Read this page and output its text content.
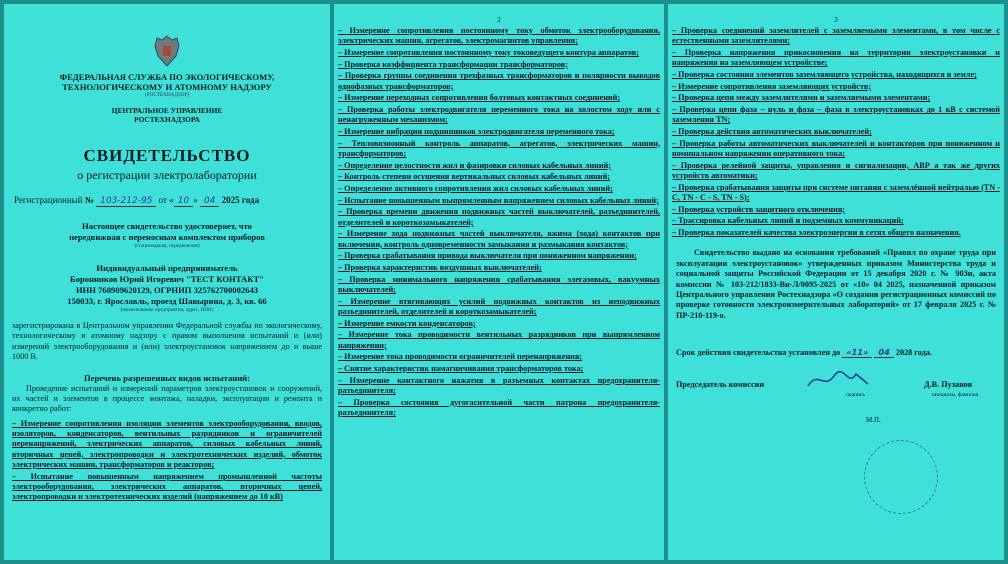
ФЕДЕРАЛЬНАЯ СЛУЖБА ПО ЭКОЛОГИЧЕСКОМУ,
ТЕХНОЛОГИЧЕСКОМУ И АТОМНОМУ НАДЗОРУ
(РОСТЕХНАДЗОР)
ЦЕНТРАЛЬНОЕ УПРАВЛЕНИЕ
РОСТЕХНАДЗОРА
СВИДЕТЕЛЬСТВО
о регистрации электролаборатории
Регистрационный № 103-212-95 от « 10 » 04 2025 года
Настоящее свидетельство удостоверяет, что
передвижная с переносным комплектом приборов
(стационарная, передвижная)
Индивидуальный предприниматель
Боронников Юрий Игоревич "ТЕСТ КОНТАКТ"
ИНН 760909620129, ОГРНИП 325762700002643
150033, г. Ярославль, проезд Шавырина, д. 3, кв. 66
(наименование предприятия, адрес, ИНН)
зарегистрирована в Центральном управлении Федеральной службы по экологическому, технологическому и атомному надзору с правом выполнения испытаний и (или) измерений электрооборудования и (или) электроустановок напряжением до и выше 1000 В.
Перечень разрешенных видов испытаний:
Проведение испытаний и измерений параметров электроустановок и сооружений, их частей и элементов в процессе монтажа, наладки, эксплуатации и ремонта и конкретно работ:
– Измерение сопротивления изоляции элементов электрооборудования, вводов, изоляторов, конденсаторов, вентильных разрядников и ограничителей перенапряжений, электрических аппаратов, силовых кабельных линий, вторичных цепей, электропроводки и электротехнических изделий, обмоток электрических машин, трансформаторов и реакторов;
– Испытание повышенным напряжением промышленной частоты электрооборудования, электрических аппаратов, вторичных цепей, электропроводки и электротехнических изделий (напряжением до 10 кВ)
2
– Измерение сопротивления постоянному току обмоток электрооборудования, электрических машин, агрегатов, электромагнитов управления;
– Измерение сопротивления постоянному току токоведущего контура аппаратов;
– Проверка коэффициента трансформации трансформаторов;
– Проверка группы соединения трехфазных трансформаторов и полярности выводов однофазных трансформаторов;
– Измерение переходных сопротивления болтовых контактных соединений;
– Проверка работы электродвигателя переменного тока на холостом ходу или с ненагруженным механизмом;
– Измерение вибрации подшипников электродвигателя переменного тока;
– Тепловизионный контроль аппаратов, агрегатов, электрических машин, трансформаторов;
– Определение целостности жил и фазировки силовых кабельных линий;
– Контроль степени осушения вертикальных силовых кабельных линий;
– Определение активного сопротивления жил силовых кабельных линий;
– Испытание повышенным выпрямленным напряжением силовых кабельных линий;
– Проверка времени движения подвижных частей выключателей, разъединителей, отделителей и короткозамыкателей;
– Измерение хода подвижных частей выключателя, вжима (хода) контактов при включении, контроль одновременности замыкания и размыкания контактов;
– Проверка срабатывания привода выключателя при пониженном напряжении;
– Проверка характеристик воздушных выключателей;
– Проверка минимального напряжения срабатывания элегазовых, вакуумных выключателей;
– Измерение втягивающих усилий подвижных контактов из неподвижных разъединителей, отделителей и короткозамыкателей;
– Измерение емкости конденсаторов;
– Измерение тока проводимости вентильных разрядников при выпрямленном напряжении;
– Измерение тока проводимости ограничителей перенапряжения;
– Снятие характеристик намагничивания трансформаторов тока;
– Измерение контактного нажатия в разъемных контактах предохранителя-разъединителя;
– Проверка состояния дугогасительной части патрона предохранителя-разъединителя;
3
– Проверка соединений заземлителей с заземляемыми элементами, в том числе с естественными заземлителями;
– Проверка напряжения прикосновения на территории электроустановки и напряжения на заземляющем устройстве;
– Проверка состояния элементов заземляющего устройства, находящихся в земле;
– Измерение сопротивления заземляющих устройств;
– Проверка цепи между заземлителями и заземляемыми элементами;
– Проверка цепи фаза – нуль и фаза – фаза в электроустановках до 1 кВ с системой заземления TN;
– Проверка действия автоматических выключателей;
– Проверка работы автоматических выключателей и контакторов при пониженном и номинальном напряжении оперативного тока;
– Проверка релейной защиты, управления и сигнализации, АВР а так же других устройств автоматики;
– Проверка срабатывания защиты при системе питания с заземлённой нейтралью (TN - C, TN - C - S, TN - S);
– Проверка устройств защитного отключения;
– Трассировка кабельных линий и подземных коммуникаций;
– Проверка показателей качества электроэнергии в сетях общего назначения.
Свидетельство выдано на основании требований «Правил по охране труда при эксплуатации электроустановок» утвержденных приказом Министерства труда и социальной защиты Российской Федерации от 15 декабря 2020 г. № 903н, акта комиссии № 103-212/1833-Вн-Л/0095-2025 от «10» 04 2025, назначенной приказом Центрального управления Ростехнадзора «О создании регистрационных комиссий по проверке готовности электроизмерительных лабораторий» от 17 февраля 2025 г. № ПР-210-119-о.
Срок действия свидетельства установлен до «11» 04 2028 года.
Председатель комиссии	Д.В. Пузанов
подпись	инициалы, фамилия
М.П.
